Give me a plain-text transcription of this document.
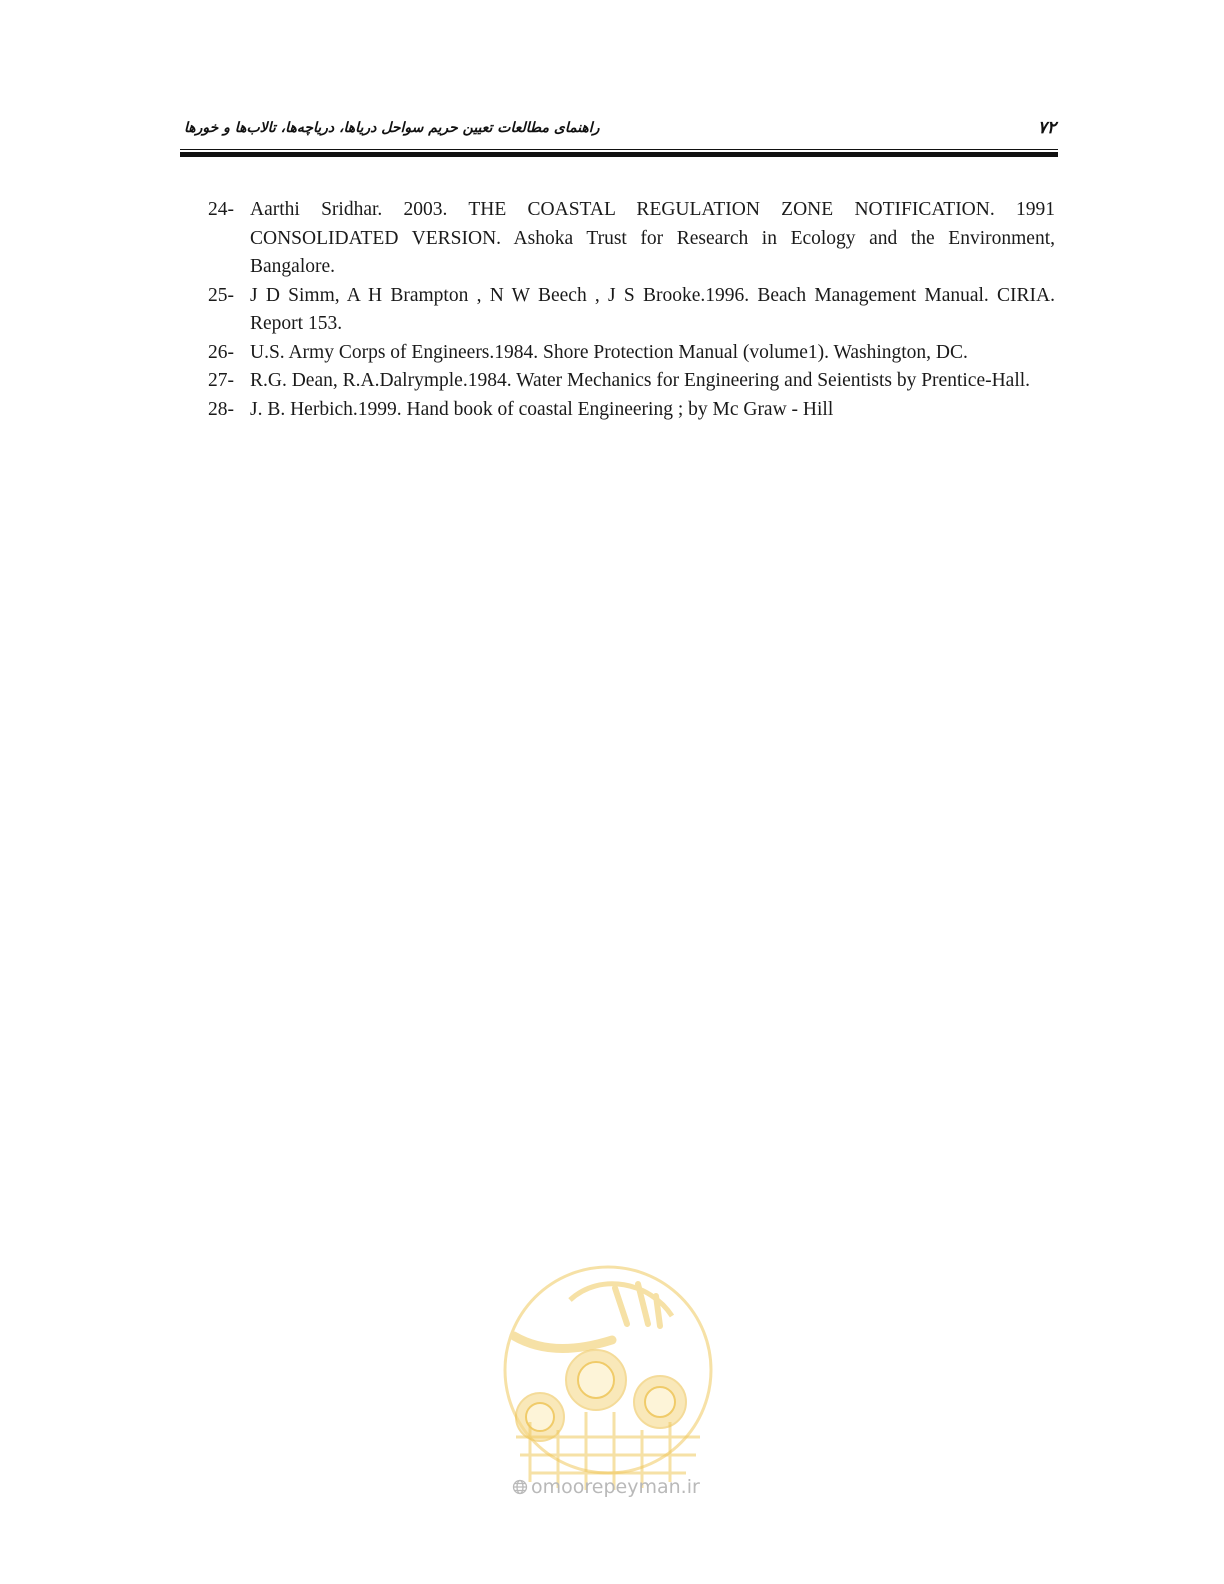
راهنمای مطالعات تعیین حریم سواحل دریاها، دریاچه‌ها، تالاب‌ها و خورها	۷۲
24- Aarthi Sridhar. 2003. THE COASTAL REGULATION ZONE NOTIFICATION. 1991 CONSOLIDATED VERSION. Ashoka Trust for Research in Ecology and the Environment, Bangalore.
25- J D Simm, A H Brampton , N W Beech , J S Brooke.1996. Beach Management Manual. CIRIA. Report 153.
26- U.S. Army Corps of Engineers.1984. Shore Protection Manual (volume1). Washington, DC.
27- R.G. Dean, R.A.Dalrymple.1984. Water Mechanics for Engineering and Seientists by Prentice-Hall.
28- J. B. Herbich.1999. Hand book of coastal Engineering ; by Mc Graw - Hill
omoorepeyman.ir
